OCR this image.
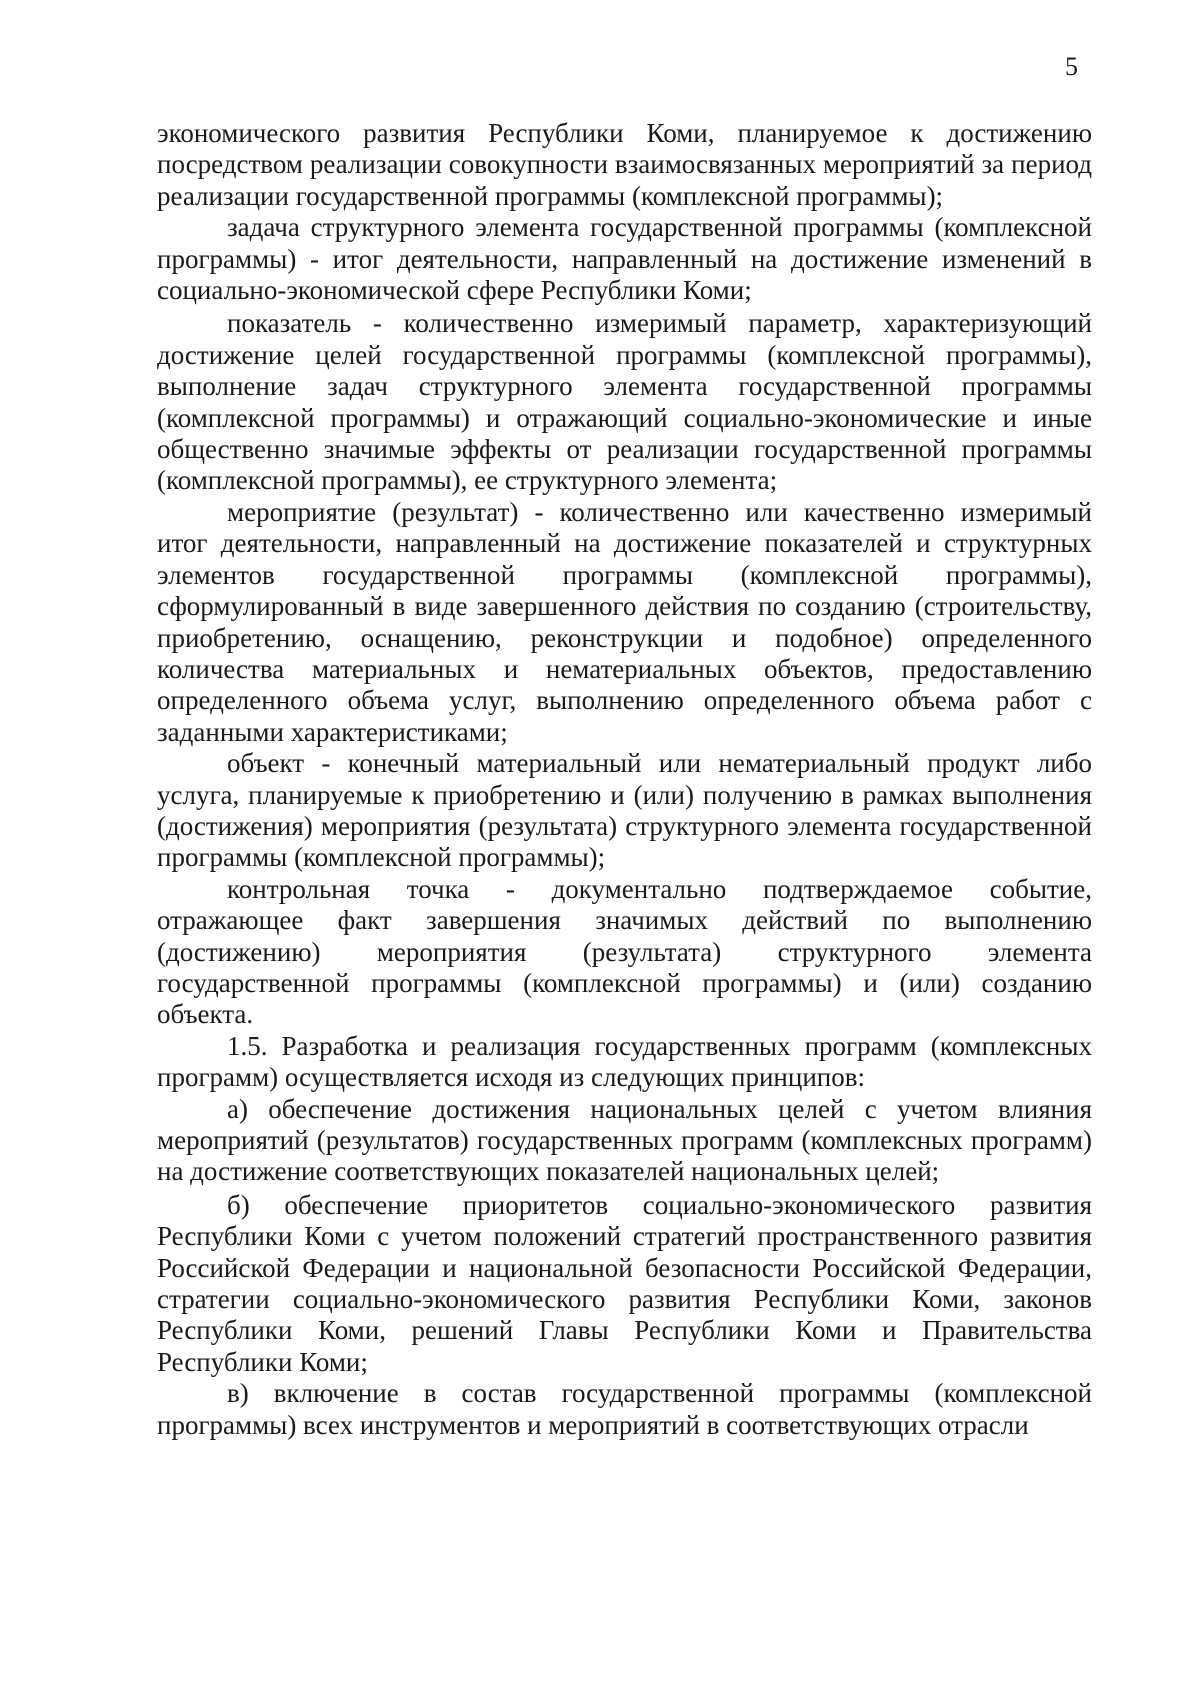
5

экономического развития Республики Коми, планируемое к достижению посредством реализации совокупности взаимосвязанных мероприятий за период реализации государственной программы (комплексной программы);

задача структурного элемента государственной программы (комплексной программы) - итог деятельности, направленный на достижение изменений в социально-экономической сфере Республики Коми;

показатель - количественно измеримый параметр, характеризующий достижение целей государственной программы (комплексной программы), выполнение задач структурного элемента государственной программы (комплексной программы) и отражающий социально-экономические и иные общественно значимые эффекты от реализации государственной программы (комплексной программы), ее структурного элемента;

мероприятие (результат) - количественно или качественно измеримый итог деятельности, направленный на достижение показателей и структурных элементов государственной программы (комплексной программы), сформулированный в виде завершенного действия по созданию (строительству, приобретению, оснащению, реконструкции и подобное) определенного количества материальных и нематериальных объектов, предоставлению определенного объема услуг, выполнению определенного объема работ с заданными характеристиками;

объект - конечный материальный или нематериальный продукт либо услуга, планируемые к приобретению и (или) получению в рамках выполнения (достижения) мероприятия (результата) структурного элемента государственной программы (комплексной программы);

контрольная точка - документально подтверждаемое событие, отражающее факт завершения значимых действий по выполнению (достижению) мероприятия (результата) структурного элемента государственной программы (комплексной программы) и (или) созданию объекта.

1.5. Разработка и реализация государственных программ (комплексных программ) осуществляется исходя из следующих принципов:

а) обеспечение достижения национальных целей с учетом влияния мероприятий (результатов) государственных программ (комплексных программ) на достижение соответствующих показателей национальных целей;

б) обеспечение приоритетов социально-экономического развития Республики Коми с учетом положений стратегий пространственного развития Российской Федерации и национальной безопасности Российской Федерации, стратегии социально-экономического развития Республики Коми, законов Республики Коми, решений Главы Республики Коми и Правительства Республики Коми;

в) включение в состав государственной программы (комплексной программы) всех инструментов и мероприятий в соответствующих отрасли
